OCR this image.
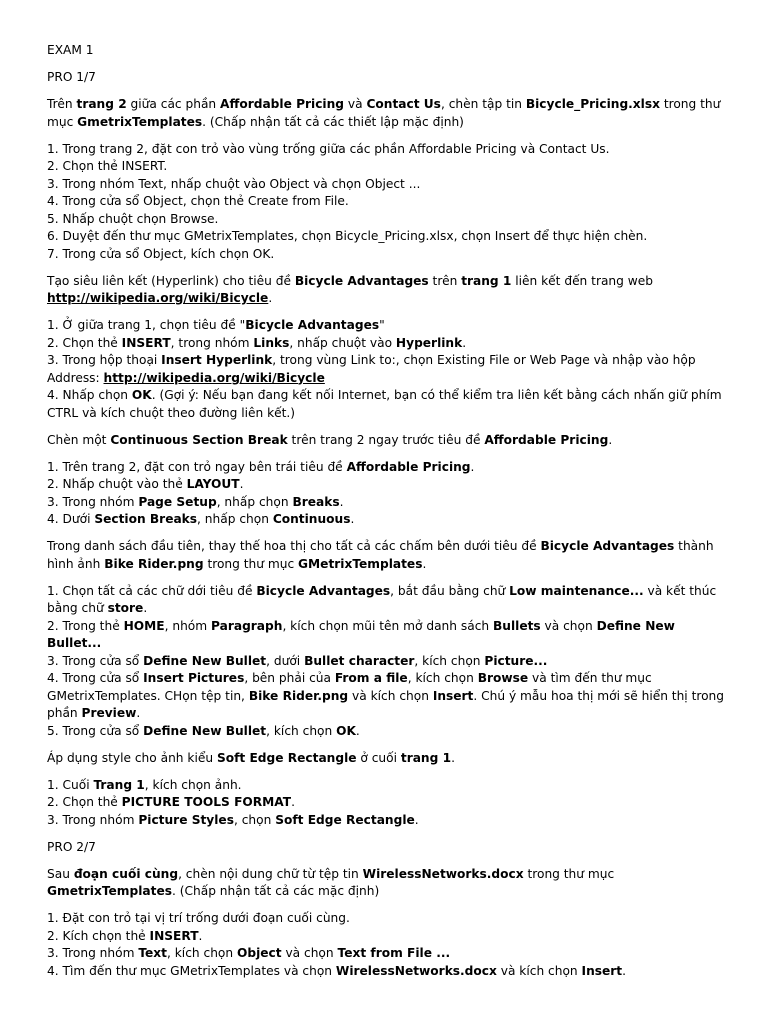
EXAM 1

PRO 1/7

Trên trang 2 giữa các phần Affordable Pricing và Contact Us, chèn tập tin Bicycle_Pricing.xlsx trong thư mục GmetrixTemplates. (Chấp nhận tất cả các thiết lập mặc định)

1. Trong trang 2, đặt con trỏ vào vùng trống giữa các phần Affordable Pricing và Contact Us.
2. Chọn thẻ INSERT.
3. Trong nhóm Text, nhấp chuột vào Object và chọn Object ...
4. Trong cửa sổ Object, chọn thẻ Create from File.
5. Nhấp chuột chọn Browse.
6. Duyệt đến thư mục GMetrixTemplates, chọn Bicycle_Pricing.xlsx, chọn Insert để thực hiện chèn.
7. Trong cửa sổ Object, kích chọn OK.

Tạo siêu liên kết (Hyperlink) cho tiêu đề Bicycle Advantages trên trang 1 liên kết đến trang web http://wikipedia.org/wiki/Bicycle.

1. Ở giữa trang 1, chọn tiêu đề "Bicycle Advantages"
2. Chọn thẻ INSERT, trong nhóm Links, nhấp chuột vào Hyperlink.
3. Trong hộp thoại Insert Hyperlink, trong vùng Link to:, chọn Existing File or Web Page và nhập vào hộp Address: http://wikipedia.org/wiki/Bicycle
4. Nhấp chọn OK. (Gợi ý: Nếu bạn đang kết nối Internet, bạn có thể kiểm tra liên kết bằng cách nhấn giữ phím CTRL và kích chuột theo đường liên kết.)

Chèn một Continuous Section Break trên trang 2 ngay trước tiêu đề Affordable Pricing.

1. Trên trang 2, đặt con trỏ ngay bên trái tiêu đề Affordable Pricing.
2. Nhấp chuột vào thẻ LAYOUT.
3. Trong nhóm Page Setup, nhấp chọn Breaks.
4. Dưới Section Breaks, nhấp chọn Continuous.

Trong danh sách đầu tiên, thay thế hoa thị cho tất cả các chấm bên dưới tiêu đề Bicycle Advantages thành hình ảnh Bike Rider.png trong thư mục GMetrixTemplates.

1. Chọn tất cả các chữ dới tiêu đề Bicycle Advantages, bắt đầu bằng chữ Low maintenance... và kết thúc bằng chữ store.
2. Trong thẻ HOME, nhóm Paragraph, kích chọn mũi tên mở danh sách Bullets và chọn Define New Bullet...
3. Trong cửa sổ Define New Bullet, dưới Bullet character, kích chọn Picture...
4. Trong cửa sổ Insert Pictures, bên phải của From a file, kích chọn Browse và tìm đến thư mục GMetrixTemplates. CHọn tệp tin, Bike Rider.png và kích chọn Insert. Chú ý mẫu hoa thị mới sẽ hiển thị trong phần Preview.
5. Trong cửa sổ Define New Bullet, kích chọn OK.

Áp dụng style cho ảnh kiểu Soft Edge Rectangle ở cuối trang 1.

1. Cuối Trang 1, kích chọn ảnh.
2. Chọn thẻ PICTURE TOOLS FORMAT.
3. Trong nhóm Picture Styles, chọn Soft Edge Rectangle.

PRO 2/7

Sau đoạn cuối cùng, chèn nội dung chữ từ tệp tin WirelessNetworks.docx trong thư mục GmetrixTemplates. (Chấp nhận tất cả các mặc định)

1. Đặt con trỏ tại vị trí trống dưới đoạn cuối cùng.
2. Kích chọn thẻ INSERT.
3. Trong nhóm Text, kích chọn Object và chọn Text from File ...
4. Tìm đến thư mục GMetrixTemplates và chọn WirelessNetworks.docx và kích chọn Insert.
